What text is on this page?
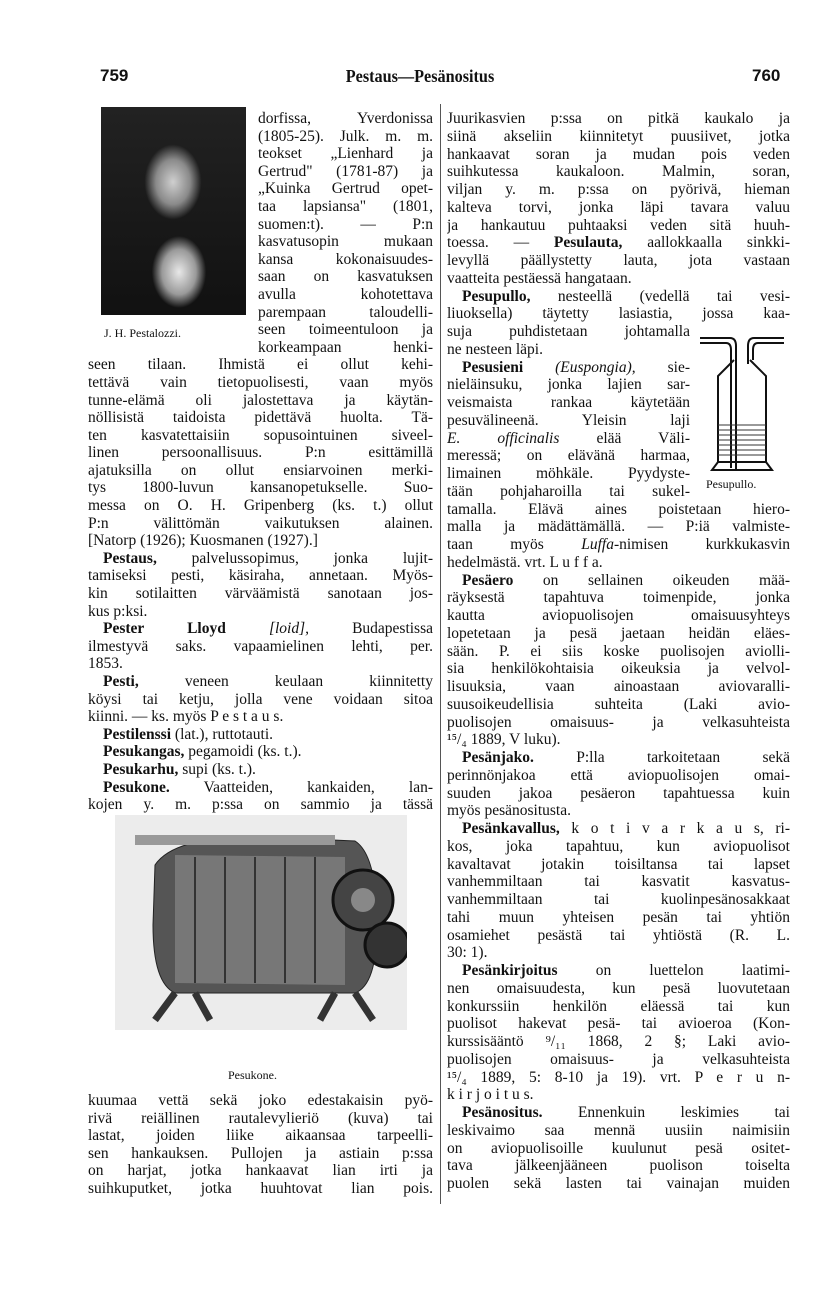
759	Pestaus—Pesänositus	760
J. H. Pestalozzi.
Pesukone.
Pesupullo.
dorfissa, Yverdonissa
(1805-25). Julk. m. m.
teokset „Lienhard ja
Gertrud" (1781-87) ja
„Kuinka Gertrud opet-
taa lapsiansa" (1801,
suomen:t). — P:n
kasvatusopin mukaan
kansa kokonaisuudes-
saan on kasvatuksen
avulla kohotettava
parempaan taloudelli-
seen toimeentuloon ja
korkeampaan henki-
seen tilaan. Ihmistä ei ollut kehi-
tettävä vain tietopuolisesti, vaan myös
tunne-elämä oli jalostettava ja käytän-
nöllisistä taidoista pidettävä huolta. Tä-
ten kasvatettaisiin sopusointuinen siveel-
linen persoonallisuus. P:n esittämillä
ajatuksilla on ollut ensiarvoinen merki-
tys 1800-luvun kansanopetukselle. Suo-
messa on O. H. Gripenberg (ks. t.) ollut
P:n välittömän vaikutuksen alainen.
[Natorp (1926); Kuosmanen (1927).]
Pestaus, palvelussopimus, jonka lujit-
tamiseksi pesti, käsiraha, annetaan. Myös-
kin sotilaitten värväämistä sanotaan jos-
kus p:ksi.
Pester Lloyd	[loid], Budapestissa
ilmestyvä saks. vapaamielinen lehti, per.
1853.
Pesti, veneen keulaan kiinnitetty
köysi tai ketju, jolla vene voidaan sitoa
kiinni. — ks. myös P e s t a u s.
Pestilenssi (lat.), ruttotauti.
Pesukangas, pegamoidi (ks. t.).
Pesukarhu, supi (ks. t.).
Pesukone. Vaatteiden, kankaiden, lan-
kojen y. m. p:ssa on sammio ja tässä
kuumaa vettä sekä joko edestakaisin pyö-
rivä reiällinen rautalevylieriö (kuva) tai
lastat, joiden liike aikaansaa tarpeelli-
sen hankauksen. Pullojen ja astiain p:ssa
on harjat, jotka hankaavat lian irti ja
suihkuputket, jotka huuhtovat lian pois.
Juurikasvien p:ssa on pitkä kaukalo ja
siinä akseliin kiinnitetyt puusiivet, jotka
hankaavat soran ja mudan pois veden
suihkutessa kaukaloon. Malmin, soran,
viljan y. m. p:ssa on pyörivä, hieman
kalteva torvi, jonka läpi tavara valuu
ja hankautuu puhtaaksi veden sitä huuh-
toessa. — Pesulauta, aallokkaalla sinkki-
levyllä päällystetty lauta, jota vastaan
vaatteita pestäessä hangataan.
Pesupullo, nesteellä (vedellä tai vesi-
liuoksella) täytetty lasiastia, jossa kaa-
suja puhdistetaan johtamalla
ne nesteen läpi.
Pesusieni (Euspongia), sie-
nieläinsuku, jonka lajien sar-
veismaista rankaa käytetään
pesuvälineenä. Yleisin laji
E. officinalis elää Väli-
meressä; on elävänä harmaa,
limainen möhkäle. Pyydyste-
tään pohjaharoilla tai sukel-
tamalla. Elävä aines poistetaan hiero-
malla ja mädättämällä. — P:iä valmiste-
taan myös Luffa-nimisen kurkkukasvin
hedelmästä. vrt. L u f f a.
Pesäero on sellainen oikeuden mää-
räyksestä tapahtuva toimenpide, jonka
kautta aviopuolisojen omaisuusyhteys
lopetetaan ja pesä jaetaan heidän eläes-
sään. P. ei siis koske puolisojen aviolli-
sia henkilökohtaisia oikeuksia ja velvol-
lisuuksia, vaan ainoastaan aviovaralli-
suusoikeudellisia suhteita (Laki avio-
puolisojen omaisuus- ja velkasuhteista
¹⁵/₄ 1889, V luku).
Pesänjako. P:lla tarkoitetaan sekä
perinnönjakoa että aviopuolisojen omai-
suuden jakoa pesäeron tapahtuessa kuin
myös pesänositusta.
Pesänkavallus, k o t i v a r k a u s, ri-
kos, joka tapahtuu, kun aviopuolisot
kavaltavat jotakin toisiltansa tai lapset
vanhemmiltaan tai kasvatit kasvatus-
vanhemmiltaan tai kuolinpesänosakkaat
tahi muun yhteisen pesän tai yhtiön
osamiehet pesästä tai yhtiöstä (R. L.
30: 1).
Pesänkirjoitus on luettelon laatimi-
nen omaisuudesta, kun pesä luovutetaan
konkurssiin henkilön eläessä tai kun
puolisot hakevat pesä- tai avioeroa (Kon-
kurssisääntö ⁹/₁₁ 1868, 2 §; Laki avio-
puolisojen omaisuus- ja velkasuhteista
¹⁵/₄ 1889, 5: 8-10 ja 19). vrt. P e r u n-
k i r j o i t u s.
Pesänositus. Ennenkuin leskimies tai
leskivaimo saa mennä uusiin naimisiin
on aviopuolisoille kuulunut pesä ositet-
tava jälkeenjääneen puolison toiselta
puolen sekä lasten tai vainajan muiden
